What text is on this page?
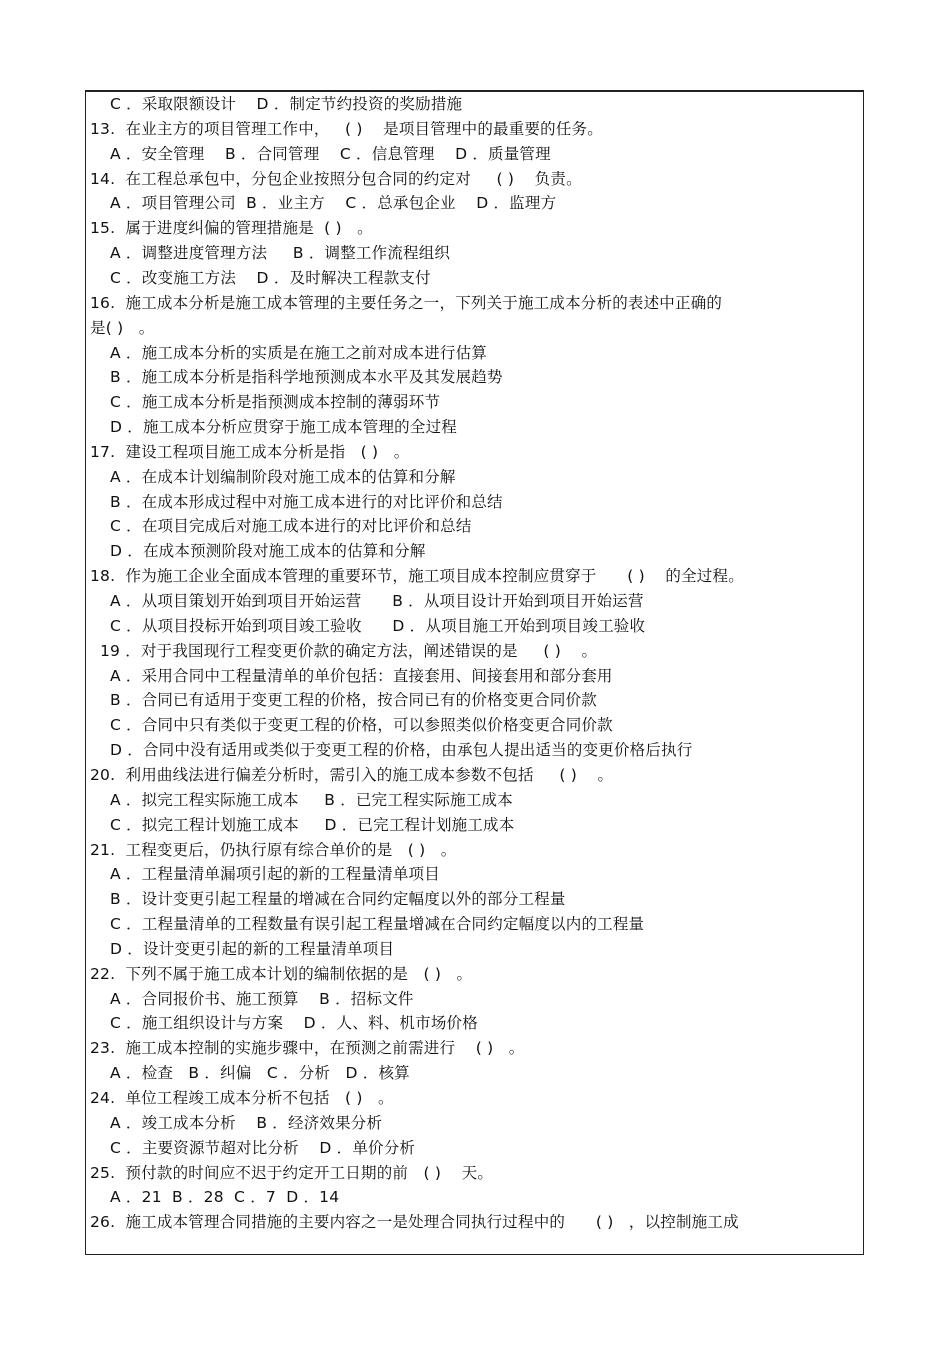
C ．采取限额设计    D ．制定节约投资的奖励措施
13.  在业主方的项目管理工作中，   ( )    是项目管理中的最重要的任务。
A ．安全管理    B ．合同管理    C ．信息管理    D ．质量管理
14.  在工程总承包中，分包企业按照分包合同的约定对     ( )    负责。
A ．项目管理公司  B ．业主方    C ．总承包企业    D ．监理方
15.  属于进度纠偏的管理措施是  ( )   。
A ．调整进度管理方法     B ．调整工作流程组织
C ．改变施工方法    D ．及时解决工程款支付
16.  施工成本分析是施工成本管理的主要任务之一，下列关于施工成本分析的表述中正确的
是( )   。
A ．施工成本分析的实质是在施工之前对成本进行估算
B ．施工成本分析是指科学地预测成本水平及其发展趋势
C ．施工成本分析是指预测成本控制的薄弱环节
D ．施工成本分析应贯穿于施工成本管理的全过程
17.  建设工程项目施工成本分析是指   ( )   。
A ．在成本计划编制阶段对施工成本的估算和分解
B ．在成本形成过程中对施工成本进行的对比评价和总结
C ．在项目完成后对施工成本进行的对比评价和总结
D ．在成本预测阶段对施工成本的估算和分解
18.  作为施工企业全面成本管理的重要环节，施工项目成本控制应贯穿于      ( )    的全过程。
A ．从项目策划开始到项目开始运营      B ．从项目设计开始到项目开始运营
C ．从项目投标开始到项目竣工验收      D ．从项目施工开始到项目竣工验收
19 ．对于我国现行工程变更价款的确定方法，阐述错误的是     ( )    。
A ．采用合同中工程量清单的单价包括：直接套用、间接套用和部分套用
B ．合同已有适用于变更工程的价格，按合同已有的价格变更合同价款
C ．合同中只有类似于变更工程的价格，可以参照类似价格变更合同价款
D ．合同中没有适用或类似于变更工程的价格，由承包人提出适当的变更价格后执行
20.  利用曲线法进行偏差分析时，需引入的施工成本参数不包括     ( )    。
A ．拟完工程实际施工成本     B ．已完工程实际施工成本
C ．拟完工程计划施工成本     D ．已完工程计划施工成本
21.  工程变更后，仍执行原有综合单价的是   ( )   。
A ．工程量清单漏项引起的新的工程量清单项目
B ．设计变更引起工程量的增减在合同约定幅度以外的部分工程量
C ．工程量清单的工程数量有误引起工程量增减在合同约定幅度以内的工程量
D ．设计变更引起的新的工程量清单项目
22.  下列不属于施工成本计划的编制依据的是   ( )   。
A ．合同报价书、施工预算    B ．招标文件
C ．施工组织设计与方案    D ．人、料、机市场价格
23.  施工成本控制的实施步骤中，在预测之前需进行    ( )   。
A ．检查   B ．纠偏   C ．分析   D ．核算
24.  单位工程竣工成本分析不包括   ( )   。
A ．竣工成本分析    B ．经济效果分析
C ．主要资源节超对比分析    D ．单价分析
25.  预付款的时间应不迟于约定开工日期的前   ( )    天。
A ．21  B ．28  C ．7  D ．14
26.  施工成本管理合同措施的主要内容之一是处理合同执行过程中的      ( )   ，以控制施工成
